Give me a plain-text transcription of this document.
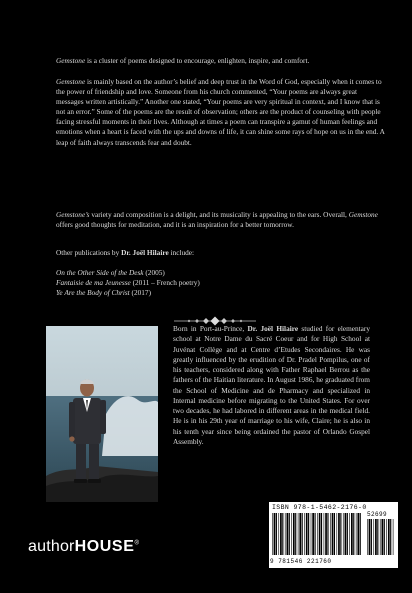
Gemstone is a cluster of poems designed to encourage, enlighten, inspire, and comfort.

Gemstone is mainly based on the author’s belief and deep trust in the Word of God, especially when it comes to the power of friendship and love. Someone from his church commented, “Your poems are always great messages written artistically.” Another one stated, “Your poems are very spiritual in context, and I know that is not an error.” Some of the poems are the result of observation; others are the product of counseling with people facing stressful moments in their lives. Although at times a poem can transpire a gamut of human feelings and emotions when a heart is faced with the ups and downs of life, it can shine some rays of hope on us in the end. A leap of faith always transcends fear and doubt.

Gemstone’s variety and composition is a delight, and its musicality is appealing to the ears. Overall, Gemstone offers good thoughts for meditation, and it is an inspiration for a better tomorrow.

Other publications by Dr. Joël Hilaire include:

On the Other Side of the Desk (2005)

Fantaisie de ma Jeunesse (2011 – French poetry)

Ye Are the Body of Christ (2017)

Born in Port-au-Prince, Dr. Joël Hilaire studied for elementary school at Notre Dame du Sacré Coeur and for High School at Juvénat Collège and at Centre d’Etudes Secondaires. He was greatly influenced by the erudition of Dr. Pradel Pompilus, one of his teachers, considered along with Father Raphael Berrou as the fathers of the Haitian literature. In August 1986, he graduated from the School of Medicine and de Pharmacy and specialized in Internal medicine before migrating to the United States. For over two decades, he had labored in different areas in the medical field. He is in his 29th year of marriage to his wife, Claire; he is also in his tenth year since being ordained the pastor of Orlando Gospel Assembly.

ISBN 978-1-5462-2176-0
52699
9 781546 221760
authorHOUSE®
